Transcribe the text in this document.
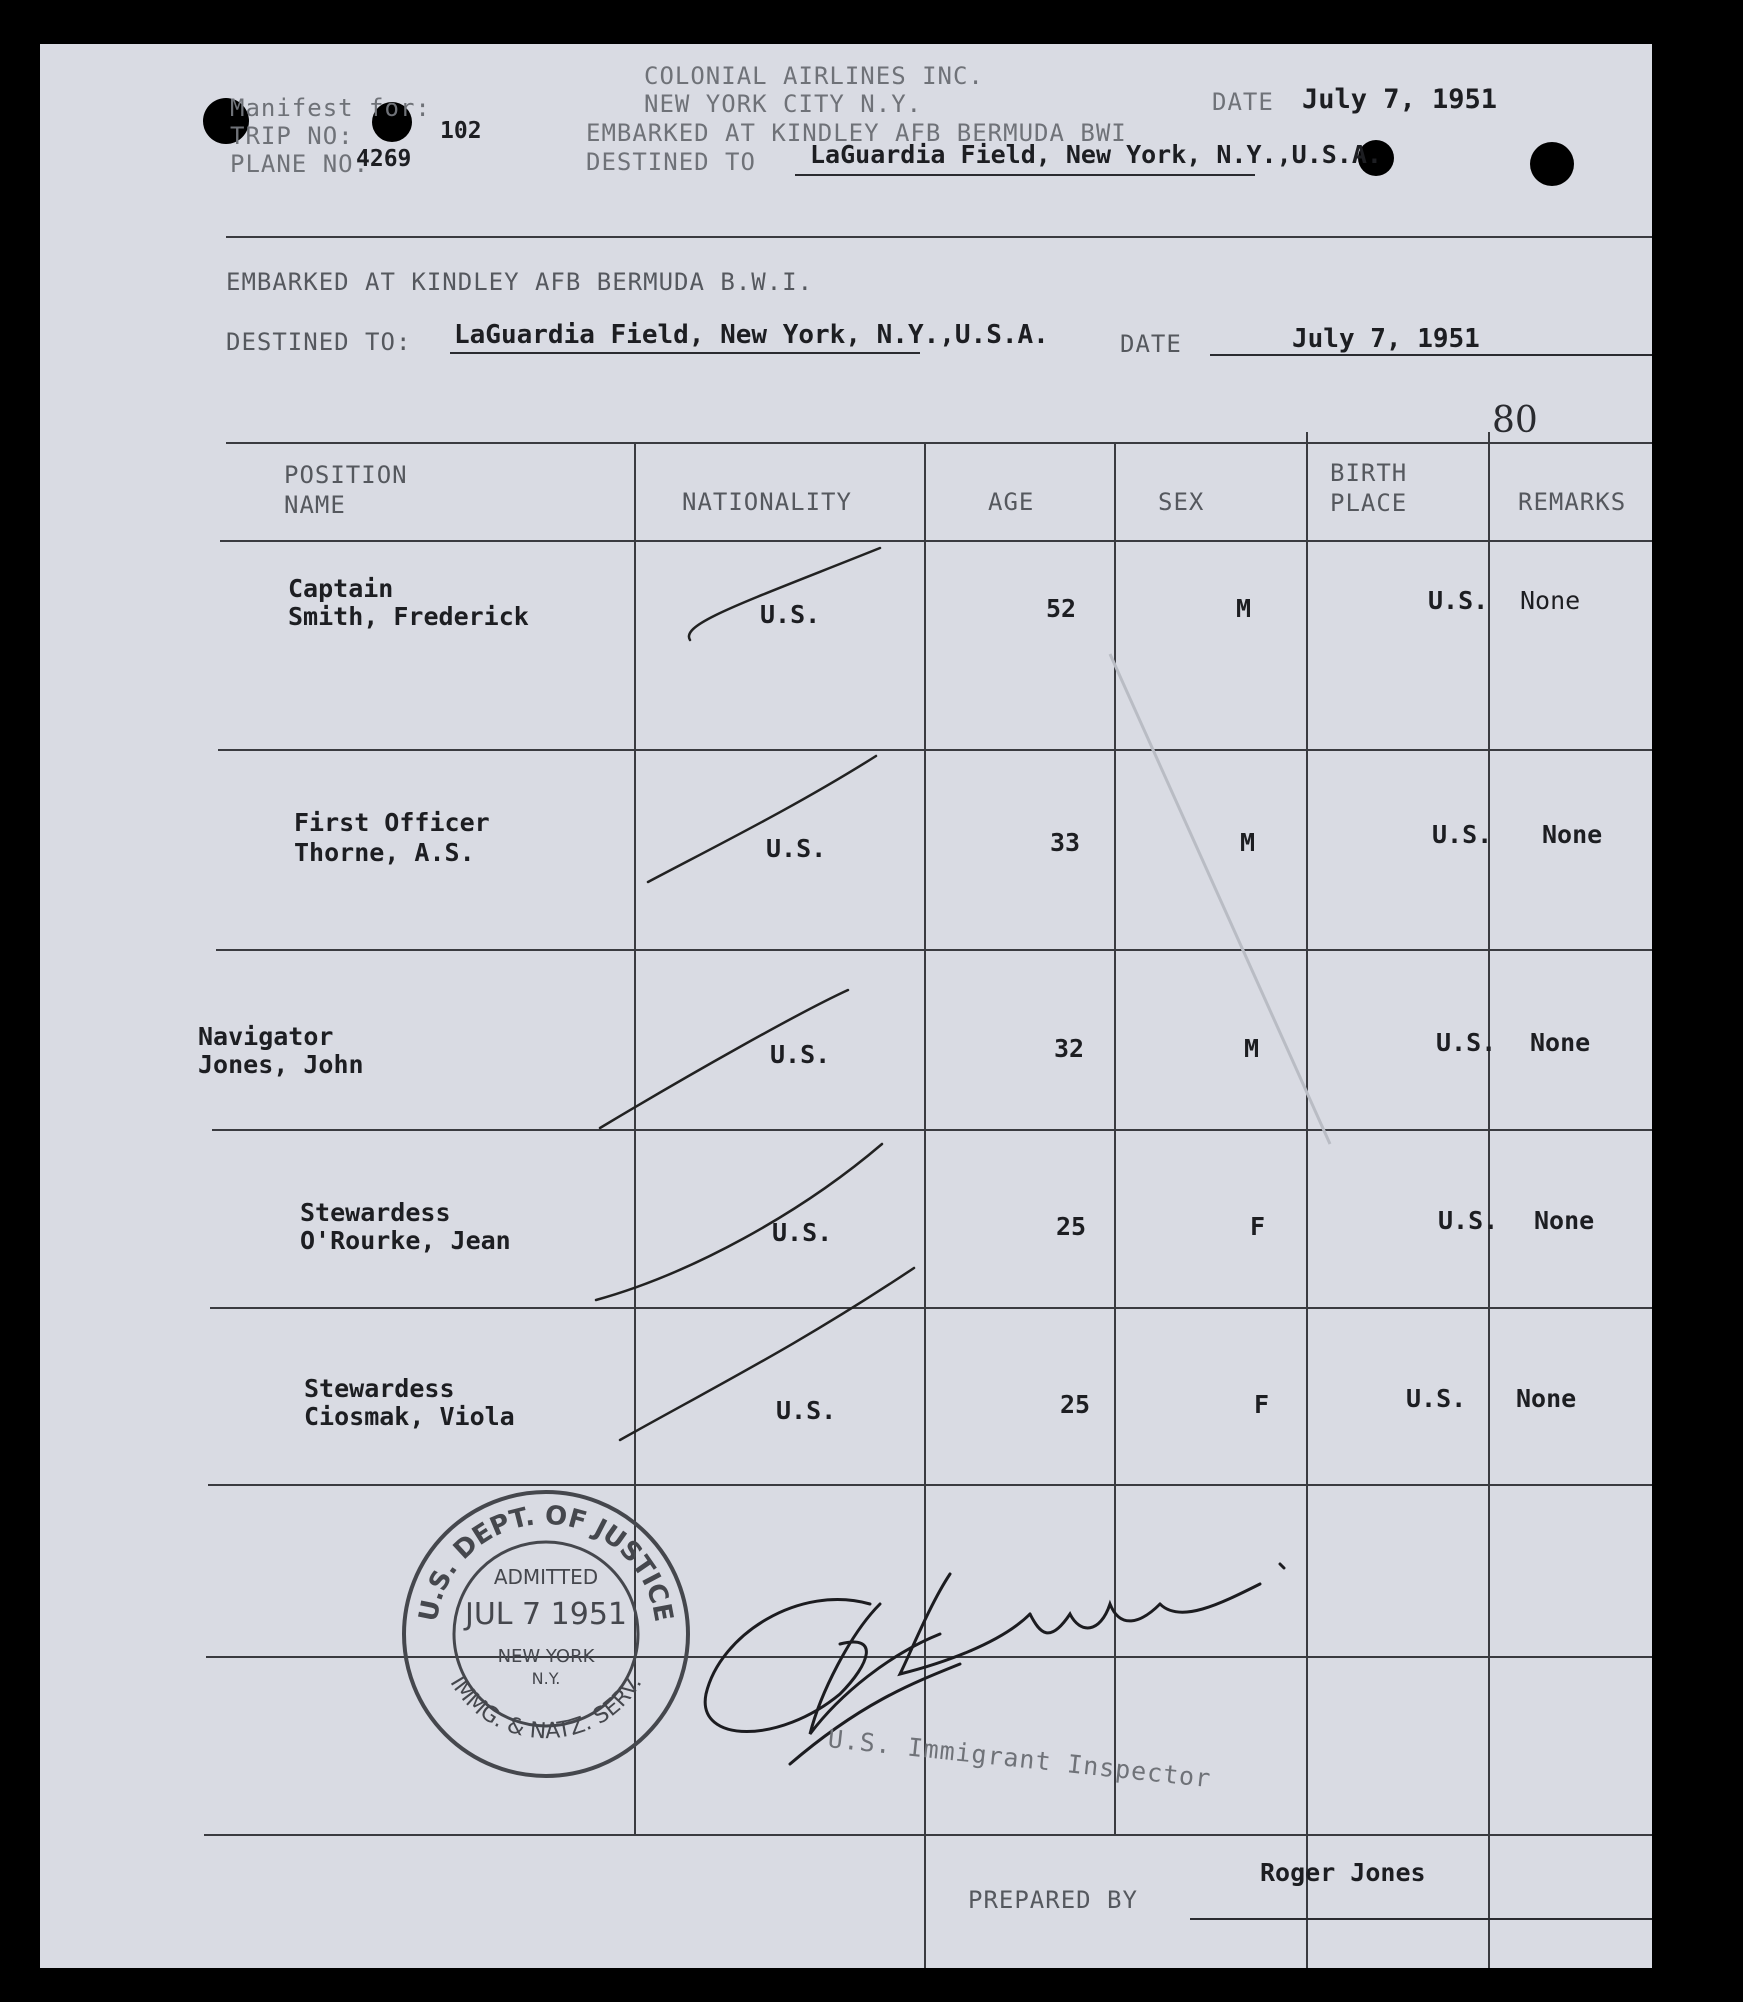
Manifest for:
TRIP NO:	102
PLANE NO.
4269
COLONIAL AIRLINES INC.
NEW YORK CITY N.Y.
EMBARKED AT KINDLEY AFB BERMUDA BWI
DESTINED TO LaGuardia Field, New York, N.Y.,U.S.A.
DATE July 7, 1951
EMBARKED AT KINDLEY AFB BERMUDA B.W.I.
DESTINED TO: LaGuardia Field, New York, N.Y.,U.S.A.	DATE	July 7, 1951
80
POSITION
NAME	NATIONALITY	AGE	SEX
BIRTH
PLACE	REMARKS
Captain
Smith, Frederick	U.S.	52	M	U.S. None
First Officer
Thorne, A.S.	U.S.	33	M	U.S. None
Navigator
Jones, John	U.S.	32	M	U.S. None
Stewardess
O'Rourke, Jean	U.S.	25	F	U.S. None
Stewardess
Ciosmak, Viola	U.S.	25	F	U.S. None
U.S. DEPT. OF JUSTICE
IMMG. & NATZ. SERV.
ADMITTED
JUL 7 1951
NEW YORK
N.Y.
U.S. Immigrant Inspector
PREPARED BY
Roger Jones
